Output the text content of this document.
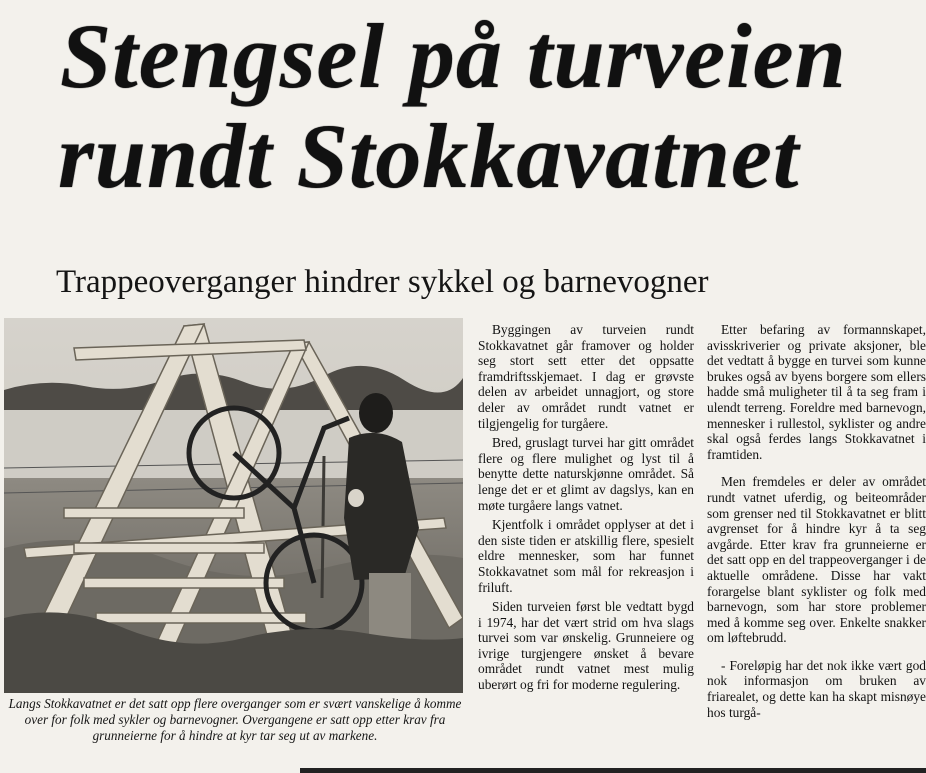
Stengsel på turveien
rundt Stokkavatnet
Trappeoverganger hindrer sykkel og barnevogner
Langs Stokkavatnet er det satt opp flere overganger som er svært vanskelige å komme over for folk med sykler og barnevogner. Overgangene er satt opp etter krav fra grunneierne for å hindre at kyr tar seg ut av markene.

Byggingen av turveien rundt Stokkavatnet går framover og holder seg stort sett etter det oppsatte framdriftsskjemaet. I dag er grøvste delen av arbeidet unnagjort, og store deler av området rundt vatnet er tilgjengelig for turgåere.

Bred, gruslagt turvei har gitt området flere og flere mulighet og lyst til å benytte dette naturskjønne området. Så lenge det er et glimt av dagslys, kan en møte turgåere langs vatnet.

Kjentfolk i området opplyser at det i den siste tiden er atskillig flere, spesielt eldre mennesker, som har funnet Stokkavatnet som mål for rekreasjon i friluft.

Siden turveien først ble vedtatt bygd i 1974, har det vært strid om hva slags turvei som var ønskelig. Grunneiere og ivrige turgjengere ønsket å bevare området rundt vatnet mest mulig uberørt og fri for moderne regulering.

Etter befaring av formannskapet, avisskriverier og private aksjoner, ble det vedtatt å bygge en turvei som kunne brukes også av byens borgere som ellers hadde små muligheter til å ta seg fram i ulendt terreng. Foreldre med barnevogn, mennesker i rullestol, syklister og andre skal også ferdes langs Stokkavatnet i framtiden.

Men fremdeles er deler av området rundt vatnet uferdig, og beiteområder som grenser ned til Stokkavatnet er blitt avgrenset for å hindre kyr å ta seg avgårde. Etter krav fra grunneierne er det satt opp en del trappeoverganger i de aktuelle områdene. Disse har vakt forargelse blant syklister og folk med barnevogn, som har store problemer med å komme seg over. Enkelte snakker om løftebrudd.

- Foreløpig har det nok ikke vært god nok informasjon om bruken av friarealet, og dette kan ha skapt misnøye hos turgå-
